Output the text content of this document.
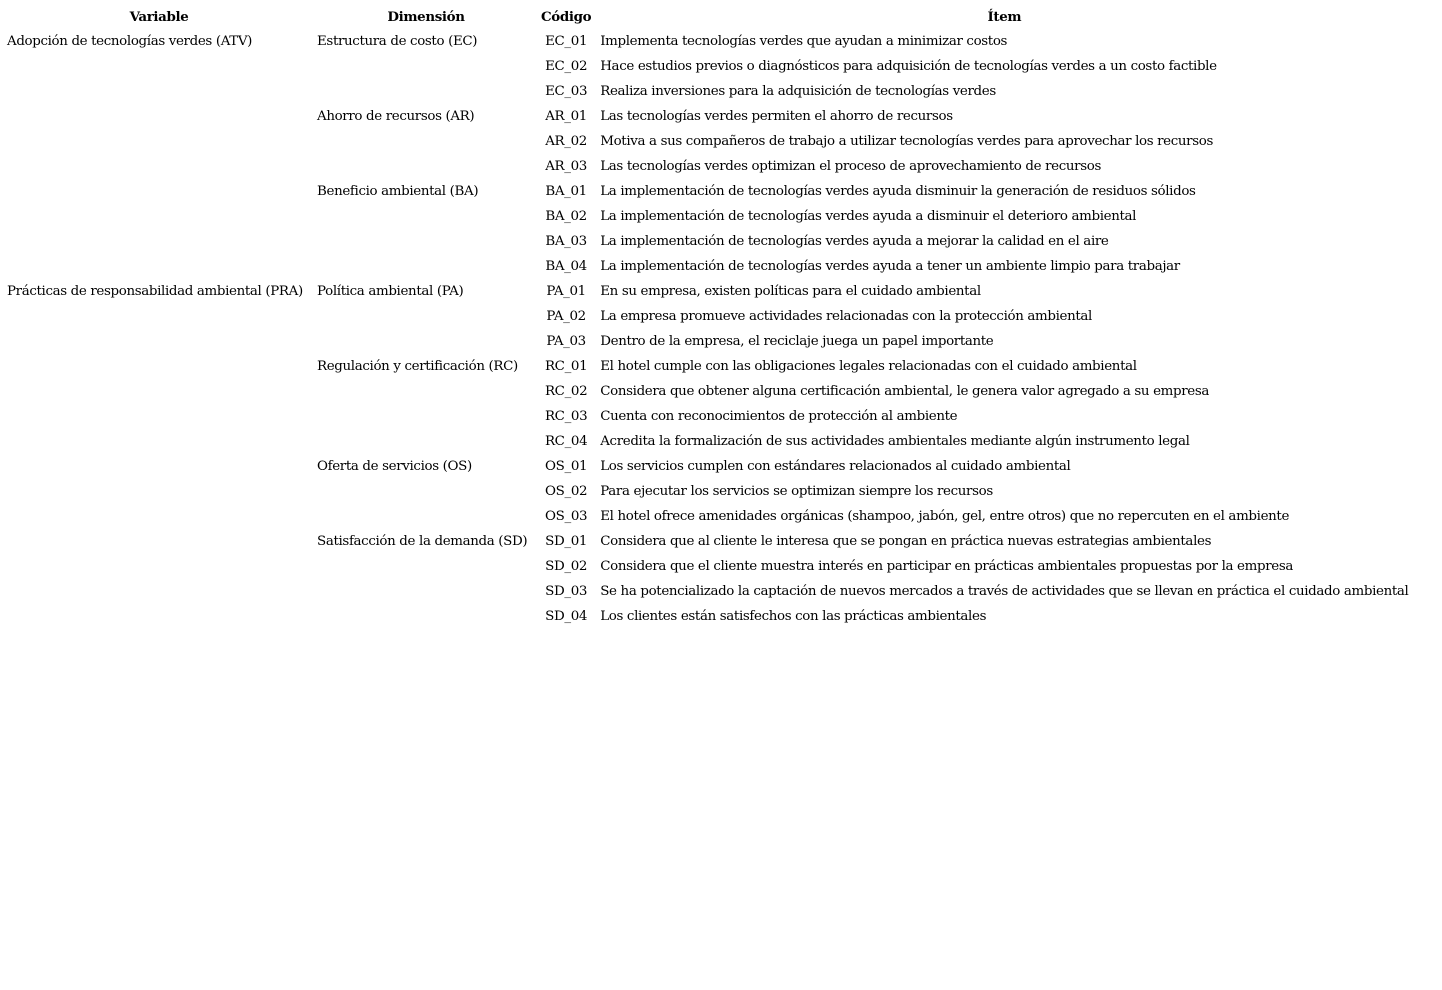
Variable	Dimensión	Código	Ítem
Adopción de tecnologías verdes (ATV)	Estructura de costo (EC)	EC_01	Implementa tecnologías verdes que ayudan a minimizar costos
		EC_02	Hace estudios previos o diagnósticos para adquisición de tecnologías verdes a un costo factible
		EC_03	Realiza inversiones para la adquisición de tecnologías verdes
	Ahorro de recursos (AR)	AR_01	Las tecnologías verdes permiten el ahorro de recursos
		AR_02	Motiva a sus compañeros de trabajo a utilizar tecnologías verdes para aprovechar los recursos
		AR_03	Las tecnologías verdes optimizan el proceso de aprovechamiento de recursos
	Beneficio ambiental (BA)	BA_01	La implementación de tecnologías verdes ayuda disminuir la generación de residuos sólidos
		BA_02	La implementación de tecnologías verdes ayuda a disminuir el deterioro ambiental
		BA_03	La implementación de tecnologías verdes ayuda a mejorar la calidad en el aire
		BA_04	La implementación de tecnologías verdes ayuda a tener un ambiente limpio para trabajar
Prácticas de responsabilidad ambiental (PRA)	Política ambiental (PA)	PA_01	En su empresa, existen políticas para el cuidado ambiental
		PA_02	La empresa promueve actividades relacionadas con la protección ambiental
		PA_03	Dentro de la empresa, el reciclaje juega un papel importante
	Regulación y certificación (RC)	RC_01	El hotel cumple con las obligaciones legales relacionadas con el cuidado ambiental
		RC_02	Considera que obtener alguna certificación ambiental, le genera valor agregado a su empresa
		RC_03	Cuenta con reconocimientos de protección al ambiente
		RC_04	Acredita la formalización de sus actividades ambientales mediante algún instrumento legal
	Oferta de servicios (OS)	OS_01	Los servicios cumplen con estándares relacionados al cuidado ambiental
		OS_02	Para ejecutar los servicios se optimizan siempre los recursos
		OS_03	El hotel ofrece amenidades orgánicas (shampoo, jabón, gel, entre otros) que no repercuten en el ambiente
	Satisfacción de la demanda (SD)	SD_01	Considera que al cliente le interesa que se pongan en práctica nuevas estrategias ambientales
		SD_02	Considera que el cliente muestra interés en participar en prácticas ambientales propuestas por la empresa
		SD_03	Se ha potencializado la captación de nuevos mercados a través de actividades que se llevan en práctica el cuidado ambiental
		SD_04	Los clientes están satisfechos con las prácticas ambientales
